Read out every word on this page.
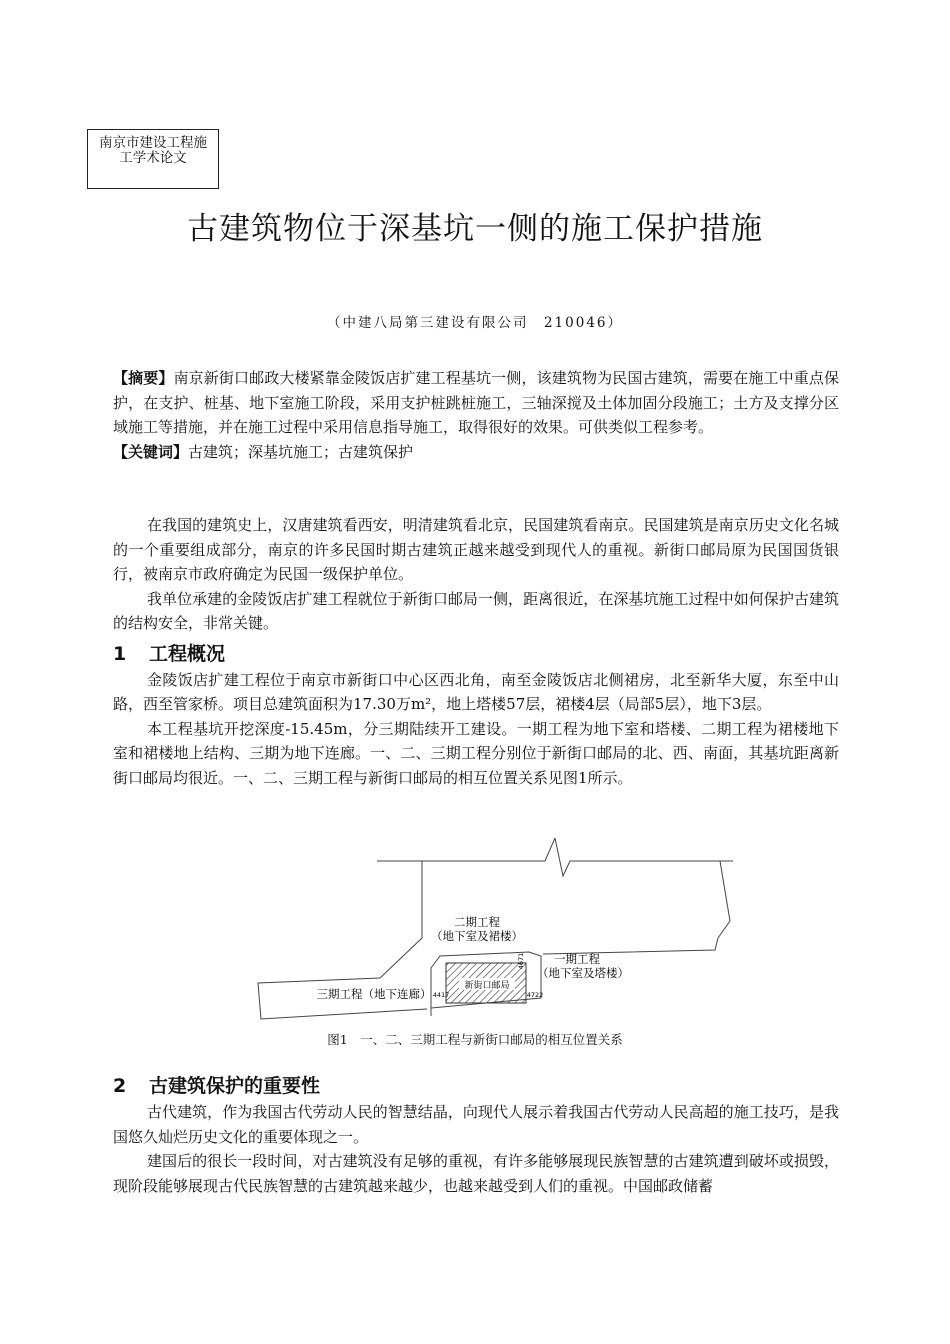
南京市建设工程施工学术论文
古建筑物位于深基坑一侧的施工保护措施
（中建八局第三建设有限公司　210046）

【摘要】南京新街口邮政大楼紧靠金陵饭店扩建工程基坑一侧，该建筑物为民国古建筑，需要在施工中重点保护，在支护、桩基、地下室施工阶段，采用支护桩跳桩施工，三轴深搅及土体加固分段施工；土方及支撑分区域施工等措施，并在施工过程中采用信息指导施工，取得很好的效果。可供类似工程参考。

【关键词】古建筑；深基坑施工；古建筑保护

在我国的建筑史上，汉唐建筑看西安，明清建筑看北京，民国建筑看南京。民国建筑是南京历史文化名城的一个重要组成部分，南京的许多民国时期古建筑正越来越受到现代人的重视。新街口邮局原为民国国货银行，被南京市政府确定为民国一级保护单位。

我单位承建的金陵饭店扩建工程就位于新街口邮局一侧，距离很近，在深基坑施工过程中如何保护古建筑的结构安全，非常关键。

1 工程概况

金陵饭店扩建工程位于南京市新街口中心区西北角，南至金陵饭店北侧裙房，北至新华大厦，东至中山路，西至管家桥。项目总建筑面积为17.30万m²，地上塔楼57层，裙楼4层（局部5层），地下3层。

本工程基坑开挖深度-15.45m，分三期陆续开工建设。一期工程为地下室和塔楼、二期工程为裙楼地下室和裙楼地上结构、三期为地下连廊。一、二、三期工程分别位于新街口邮局的北、西、南面，其基坑距离新街口邮局均很近。一、二、三期工程与新街口邮局的相互位置关系见图1所示。

二期工程
（地下室及裙楼）
一期工程
（地下室及塔楼）
三期工程（地下连廊）
新街口邮局
4671
4417	4722
图1　一、二、三期工程与新街口邮局的相互位置关系
2 古建筑保护的重要性

古代建筑，作为我国古代劳动人民的智慧结晶，向现代人展示着我国古代劳动人民高超的施工技巧，是我国悠久灿烂历史文化的重要体现之一。

建国后的很长一段时间，对古建筑没有足够的重视，有许多能够展现民族智慧的古建筑遭到破坏或损毁，现阶段能够展现古代民族智慧的古建筑越来越少，也越来越受到人们的重视。中国邮政储蓄
